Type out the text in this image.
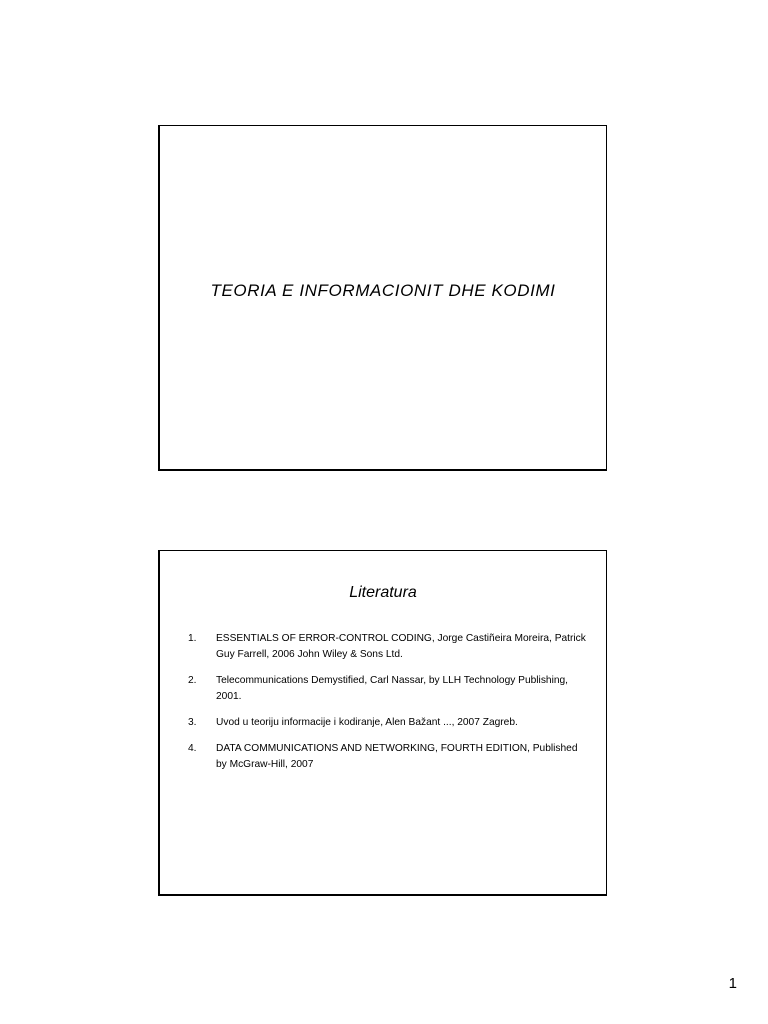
TEORIA E INFORMACIONIT DHE KODIMI
Literatura
1.	ESSENTIALS OF ERROR-CONTROL CODING, Jorge Castiñeira Moreira, Patrick Guy Farrell, 2006 John Wiley & Sons Ltd.
2.	Telecommunications Demystified, Carl Nassar, by LLH Technology Publishing, 2001.
3.	Uvod u teoriju informacije i kodiranje, Alen Bažant ..., 2007 Zagreb.
4.	DATA COMMUNICATIONS AND NETWORKING, FOURTH EDITION, Published by McGraw-Hill, 2007
1
